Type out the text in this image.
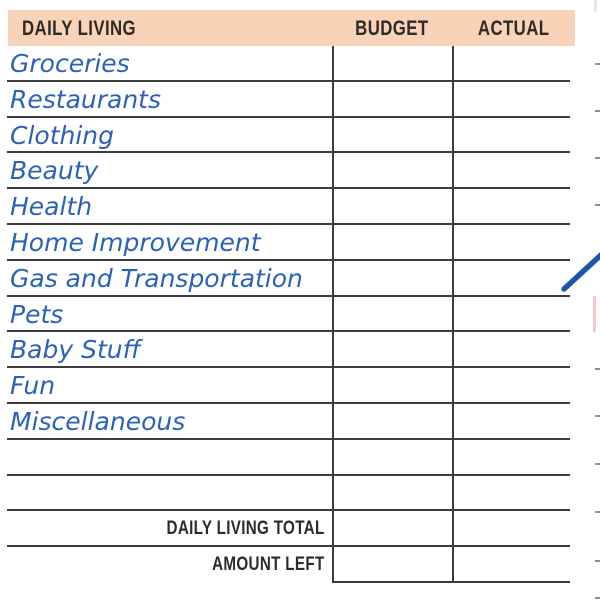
DAILY LIVING	BUDGET	ACTUAL
Groceries
Restaurants
Clothing
Beauty
Health
Home Improvement
Gas and Transportation
Pets
Baby Stuff
Fun
Miscellaneous
DAILY LIVING TOTAL
AMOUNT LEFT
